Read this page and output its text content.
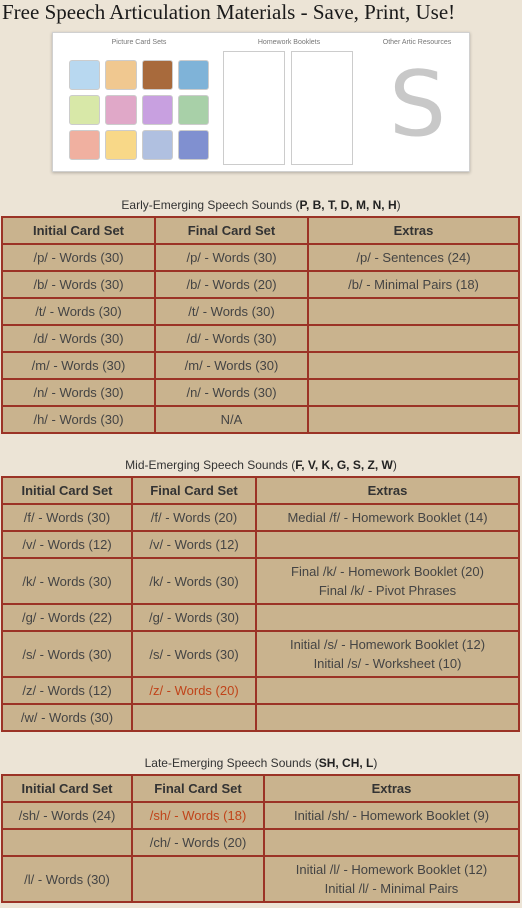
Free Speech Articulation Materials - Save, Print, Use!
Picture Card Sets	Homework Booklets	Other Artic Resources
S
Early-Emerging Speech Sounds (P, B, T, D, M, N, H)
Initial Card Set	Final Card Set	Extras
/p/ - Words (30)	/p/ - Words (30)	/p/ - Sentences (24)
/b/ - Words (30)	/b/ - Words (20)	/b/ - Minimal Pairs (18)
/t/ - Words (30)	/t/ - Words (30)	
/d/ - Words (30)	/d/ - Words (30)	
/m/ - Words (30)	/m/ - Words (30)	
/n/ - Words (30)	/n/ - Words (30)	
/h/ - Words (30)	N/A	
Mid-Emerging Speech Sounds (F, V, K, G, S, Z, W)
Initial Card Set	Final Card Set	Extras
/f/ - Words (30)	/f/ - Words (20)	Medial /f/ - Homework Booklet (14)
/v/ - Words (12)	/v/ - Words (12)	
/k/ - Words (30)	/k/ - Words (30)	Final /k/ - Homework Booklet (20)
Final /k/ - Pivot Phrases

/g/ - Words (22)	/g/ - Words (30)	
/s/ - Words (30)	/s/ - Words (30)	Initial /s/ - Homework Booklet (12)
Initial /s/ - Worksheet (10)

/z/ - Words (12)	/z/ - Words (20)	
/w/ - Words (30)		
Late-Emerging Speech Sounds (SH, CH, L)
Initial Card Set	Final Card Set	Extras
/sh/ - Words (24)	/sh/ - Words (18)	Initial /sh/ - Homework Booklet (9)
	/ch/ - Words (20)	
/l/ - Words (30)		Initial /l/ - Homework Booklet (12)
Initial /l/ - Minimal Pairs
